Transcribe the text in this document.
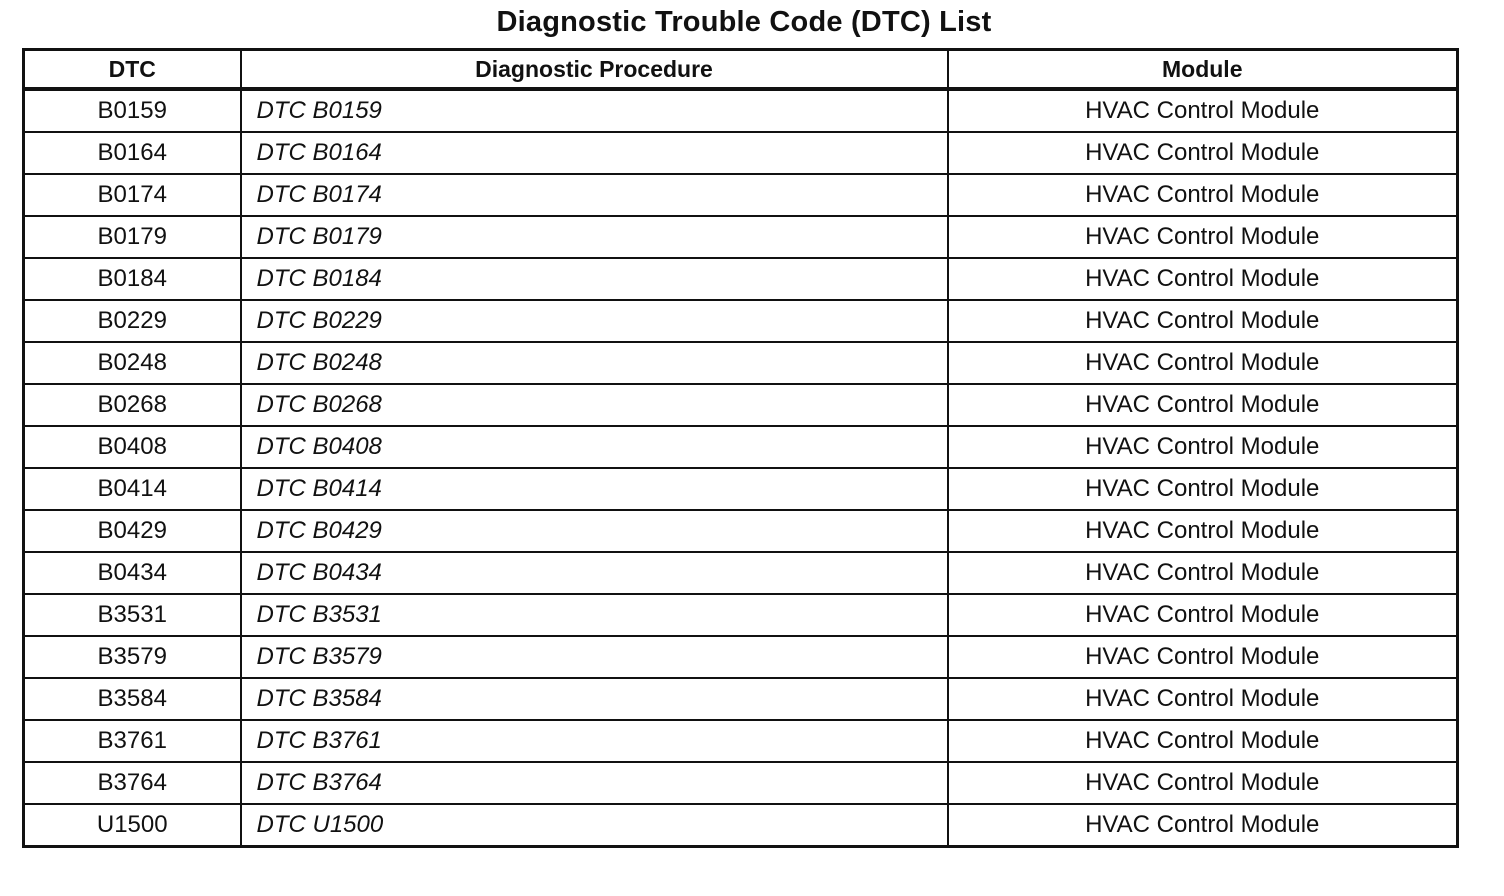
Diagnostic Trouble Code (DTC) List
DTC	Diagnostic Procedure	Module
B0159	DTC B0159	HVAC Control Module
B0164	DTC B0164	HVAC Control Module
B0174	DTC B0174	HVAC Control Module
B0179	DTC B0179	HVAC Control Module
B0184	DTC B0184	HVAC Control Module
B0229	DTC B0229	HVAC Control Module
B0248	DTC B0248	HVAC Control Module
B0268	DTC B0268	HVAC Control Module
B0408	DTC B0408	HVAC Control Module
B0414	DTC B0414	HVAC Control Module
B0429	DTC B0429	HVAC Control Module
B0434	DTC B0434	HVAC Control Module
B3531	DTC B3531	HVAC Control Module
B3579	DTC B3579	HVAC Control Module
B3584	DTC B3584	HVAC Control Module
B3761	DTC B3761	HVAC Control Module
B3764	DTC B3764	HVAC Control Module
U1500	DTC U1500	HVAC Control Module
